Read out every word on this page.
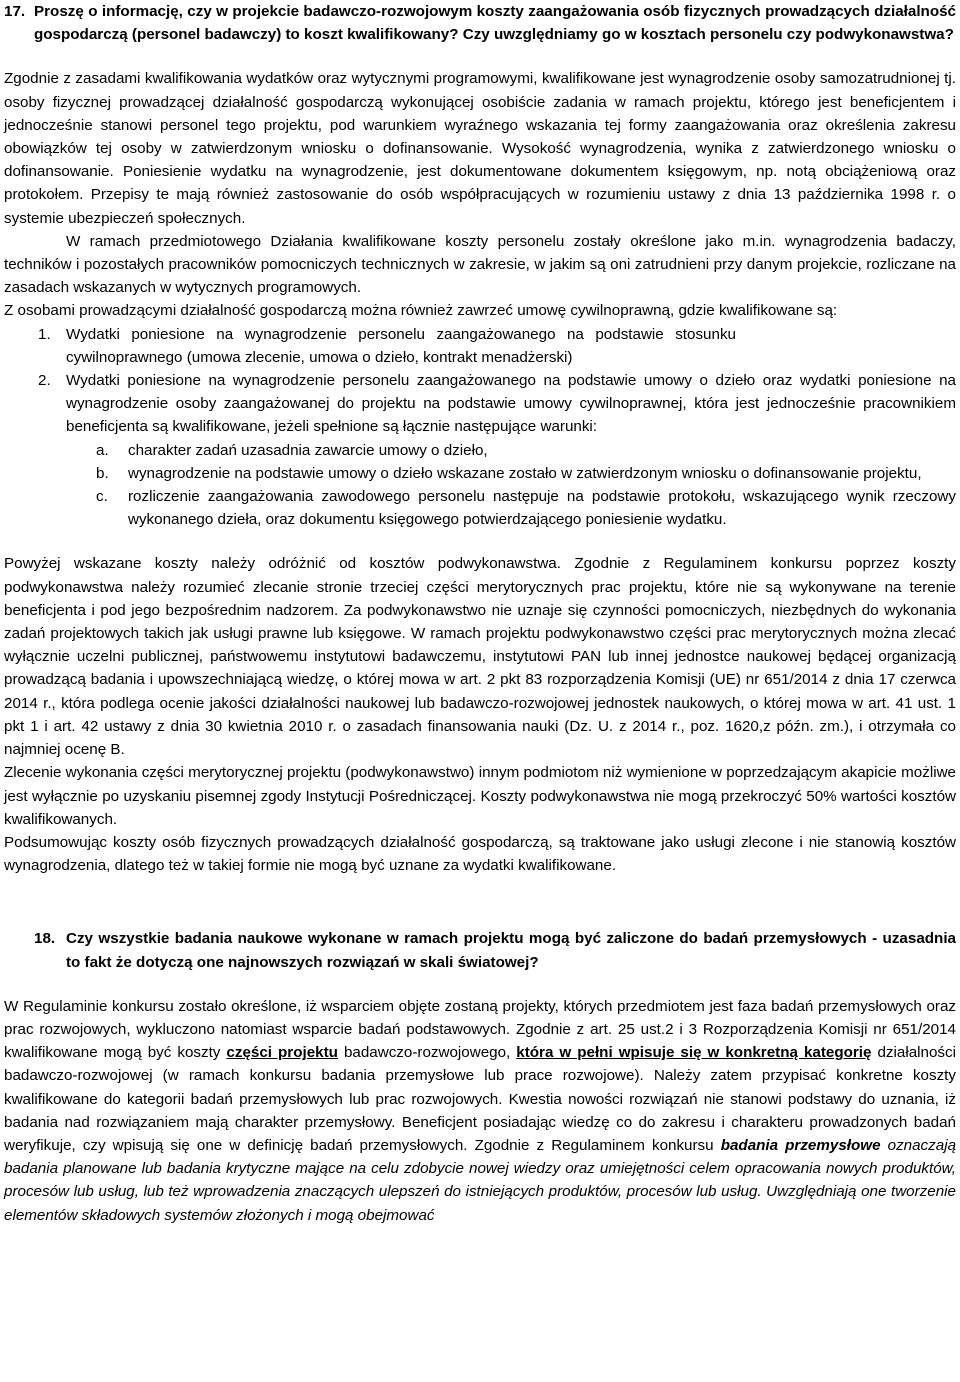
17. Proszę o informację, czy w projekcie badawczo-rozwojowym koszty zaangażowania osób fizycznych prowadzących działalność gospodarczą (personel badawczy) to koszt kwalifikowany? Czy uwzględniamy go w kosztach personelu czy podwykonawstwa?

Zgodnie z zasadami kwalifikowania wydatków oraz wytycznymi programowymi, kwalifikowane jest wynagrodzenie osoby samozatrudnionej tj. osoby fizycznej prowadzącej działalność gospodarczą wykonującej osobiście zadania w ramach projektu, którego jest beneficjentem i jednocześnie stanowi personel tego projektu, pod warunkiem wyraźnego wskazania tej formy zaangażowania oraz określenia zakresu obowiązków tej osoby w zatwierdzonym wniosku o dofinansowanie. Wysokość wynagrodzenia, wynika z zatwierdzonego wniosku o dofinansowanie. Poniesienie wydatku na wynagrodzenie, jest dokumentowane dokumentem księgowym, np. notą obciążeniową oraz protokołem. Przepisy te mają również zastosowanie do osób współpracujących w rozumieniu ustawy z dnia 13 października 1998 r. o systemie ubezpieczeń społecznych.

W ramach przedmiotowego Działania kwalifikowane koszty personelu zostały określone jako m.in. wynagrodzenia badaczy, techników i pozostałych pracowników pomocniczych technicznych w zakresie, w jakim są oni zatrudnieni przy danym projekcie, rozliczane na zasadach wskazanych w wytycznych programowych.

Z osobami prowadzącymi działalność gospodarczą można również zawrzeć umowę cywilnoprawną, gdzie kwalifikowane są:

1.	Wydatki poniesione na wynagrodzenie personelu zaangażowanego na podstawie stosunku cywilnoprawnego (umowa zlecenie, umowa o dzieło, kontrakt menadżerski)
2.	Wydatki poniesione na wynagrodzenie personelu zaangażowanego na podstawie umowy o dzieło oraz wydatki poniesione na wynagrodzenie osoby zaangażowanej do projektu na podstawie umowy cywilnoprawnej, która jest jednocześnie pracownikiem beneficjenta są kwalifikowane, jeżeli spełnione są łącznie następujące warunki:
a.	charakter zadań uzasadnia zawarcie umowy o dzieło,
b.	wynagrodzenie na podstawie umowy o dzieło wskazane zostało w zatwierdzonym wniosku o dofinansowanie projektu,
c.	rozliczenie zaangażowania zawodowego personelu następuje na podstawie protokołu, wskazującego wynik rzeczowy wykonanego dzieła, oraz dokumentu księgowego potwierdzającego poniesienie wydatku.

Powyżej wskazane koszty należy odróżnić od kosztów podwykonawstwa. Zgodnie z Regulaminem konkursu poprzez koszty podwykonawstwa należy rozumieć zlecanie stronie trzeciej części merytorycznych prac projektu, które nie są wykonywane na terenie beneficjenta i pod jego bezpośrednim nadzorem. Za podwykonawstwo nie uznaje się czynności pomocniczych, niezbędnych do wykonania zadań projektowych takich jak usługi prawne lub księgowe. W ramach projektu podwykonawstwo części prac merytorycznych można zlecać wyłącznie uczelni publicznej, państwowemu instytutowi badawczemu, instytutowi PAN lub innej jednostce naukowej będącej organizacją prowadzącą badania i upowszechniającą wiedzę, o której mowa w art. 2 pkt 83 rozporządzenia Komisji (UE) nr 651/2014 z dnia 17 czerwca 2014 r., która podlega ocenie jakości działalności naukowej lub badawczo-rozwojowej jednostek naukowych, o której mowa w art. 41 ust. 1 pkt 1 i art. 42 ustawy z dnia 30 kwietnia 2010 r. o zasadach finansowania nauki (Dz. U. z 2014 r., poz. 1620,z późn. zm.), i otrzymała co najmniej ocenę B.

Zlecenie wykonania części merytorycznej projektu (podwykonawstwo) innym podmiotom niż wymienione w poprzedzającym akapicie możliwe jest wyłącznie po uzyskaniu pisemnej zgody Instytucji Pośredniczącej. Koszty podwykonawstwa nie mogą przekroczyć 50% wartości kosztów kwalifikowanych.

Podsumowując koszty osób fizycznych prowadzących działalność gospodarczą, są traktowane jako usługi zlecone i nie stanowią kosztów wynagrodzenia, dlatego też w takiej formie nie mogą być uznane za wydatki kwalifikowane.

18. Czy wszystkie badania naukowe wykonane w ramach projektu mogą być zaliczone do badań przemysłowych - uzasadnia to fakt że dotyczą one najnowszych rozwiązań w skali światowej?

W Regulaminie konkursu zostało określone, iż wsparciem objęte zostaną projekty, których przedmiotem jest faza badań przemysłowych oraz prac rozwojowych, wykluczono natomiast wsparcie badań podstawowych. Zgodnie z art. 25 ust.2 i 3 Rozporządzenia Komisji nr 651/2014 kwalifikowane mogą być koszty części projektu badawczo-rozwojowego, która w pełni wpisuje się w konkretną kategorię działalności badawczo-rozwojowej (w ramach konkursu badania przemysłowe lub prace rozwojowe). Należy zatem przypisać konkretne koszty kwalifikowane do kategorii badań przemysłowych lub prac rozwojowych. Kwestia nowości rozwiązań nie stanowi podstawy do uznania, iż badania nad rozwiązaniem mają charakter przemysłowy. Beneficjent posiadając wiedzę co do zakresu i charakteru prowadzonych badań weryfikuje, czy wpisują się one w definicję badań przemysłowych. Zgodnie z Regulaminem konkursu badania przemysłowe oznaczają badania planowane lub badania krytyczne mające na celu zdobycie nowej wiedzy oraz umiejętności celem opracowania nowych produktów, procesów lub usług, lub też wprowadzenia znaczących ulepszeń do istniejących produktów, procesów lub usług. Uwzględniają one tworzenie elementów składowych systemów złożonych i mogą obejmować
